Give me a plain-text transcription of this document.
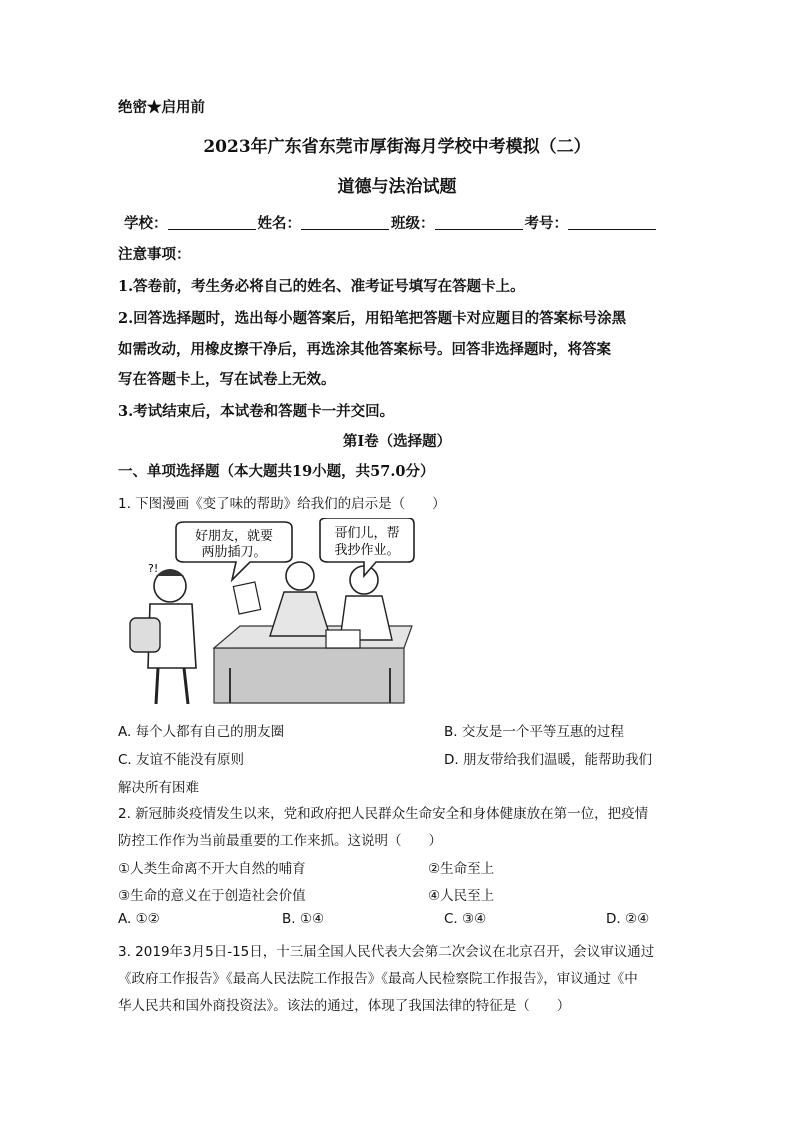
绝密★启用前
2023年广东省东莞市厚街海月学校中考模拟（二）
道德与法治试题
学校：	姓名：	班级：	考号：
注意事项：
1.答卷前，考生务必将自己的姓名、准考证号填写在答题卡上。
2.回答选择题时，选出每小题答案后，用铅笔把答题卡对应题目的答案标号涂黑
如需改动，用橡皮擦干净后，再选涂其他答案标号。回答非选择题时，将答案
写在答题卡上，写在试卷上无效。
3.考试结束后，本试卷和答题卡一并交回。
第Ⅰ卷（选择题）
一、单项选择题（本大题共19小题，共57.0分）
1. 下图漫画《变了味的帮助》给我们的启示是（　　）
好朋友，就要
两肋插刀。
哥们儿，帮
我抄作业。
?!
A. 每个人都有自己的朋友圈	B. 交友是一个平等互惠的过程
C. 友谊不能没有原则	D. 朋友带给我们温暖，能帮助我们
解决所有困难
2. 新冠肺炎疫情发生以来，党和政府把人民群众生命安全和身体健康放在第一位，把疫情
防控工作作为当前最重要的工作来抓。这说明（　　）
①人类生命离不开大自然的哺育	②生命至上
③生命的意义在于创造社会价值	④人民至上
A. ①②	B. ①④	C. ③④	D. ②④
3. 2019年3月5日-15日，十三届全国人民代表大会第二次会议在北京召开，会议审议通过
《政府工作报告》《最高人民法院工作报告》《最高人民检察院工作报告》，审议通过《中
华人民共和国外商投资法》。该法的通过，体现了我国法律的特征是（　　）
